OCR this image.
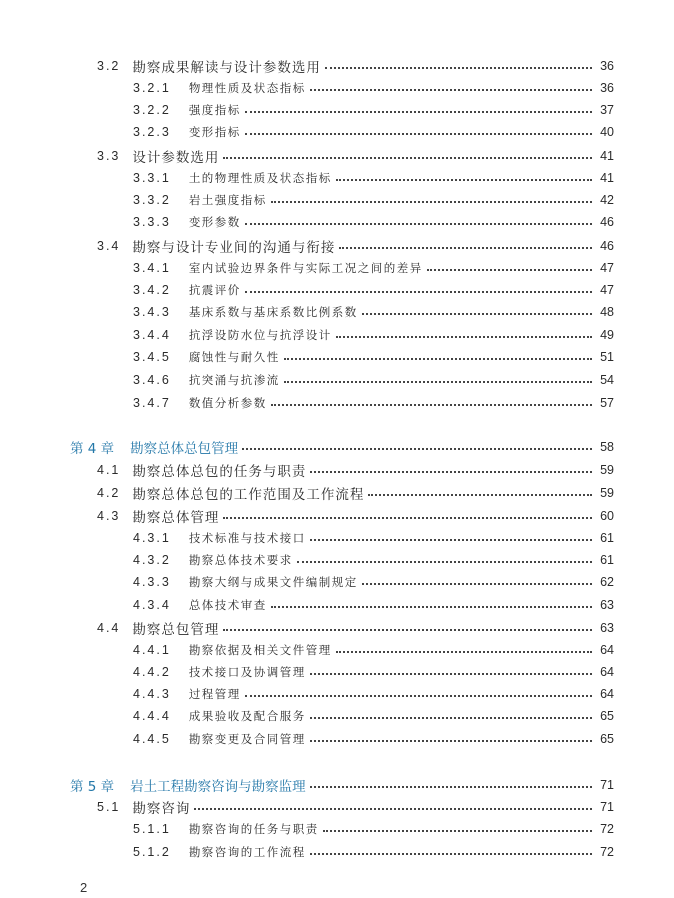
3.2 勘察成果解读与设计参数选用	36
3.2.1 物理性质及状态指标	36
3.2.2 强度指标	37
3.2.3 变形指标	40
3.3 设计参数选用	41
3.3.1 土的物理性质及状态指标	41
3.3.2 岩土强度指标	42
3.3.3 变形参数	46
3.4 勘察与设计专业间的沟通与衔接	46
3.4.1 室内试验边界条件与实际工况之间的差异	47
3.4.2 抗震评价	47
3.4.3 基床系数与基床系数比例系数	48
3.4.4 抗浮设防水位与抗浮设计	49
3.4.5 腐蚀性与耐久性	51
3.4.6 抗突涌与抗渗流	54
3.4.7 数值分析参数	57
第 4 章 勘察总体总包管理	58
4.1 勘察总体总包的任务与职责	59
4.2 勘察总体总包的工作范围及工作流程	59
4.3 勘察总体管理	60
4.3.1 技术标准与技术接口	61
4.3.2 勘察总体技术要求	61
4.3.3 勘察大纲与成果文件编制规定	62
4.3.4 总体技术审查	63
4.4 勘察总包管理	63
4.4.1 勘察依据及相关文件管理	64
4.4.2 技术接口及协调管理	64
4.4.3 过程管理	64
4.4.4 成果验收及配合服务	65
4.4.5 勘察变更及合同管理	65
第 5 章 岩土工程勘察咨询与勘察监理	71
5.1 勘察咨询	71
5.1.1 勘察咨询的任务与职责	72
5.1.2 勘察咨询的工作流程	72
2
